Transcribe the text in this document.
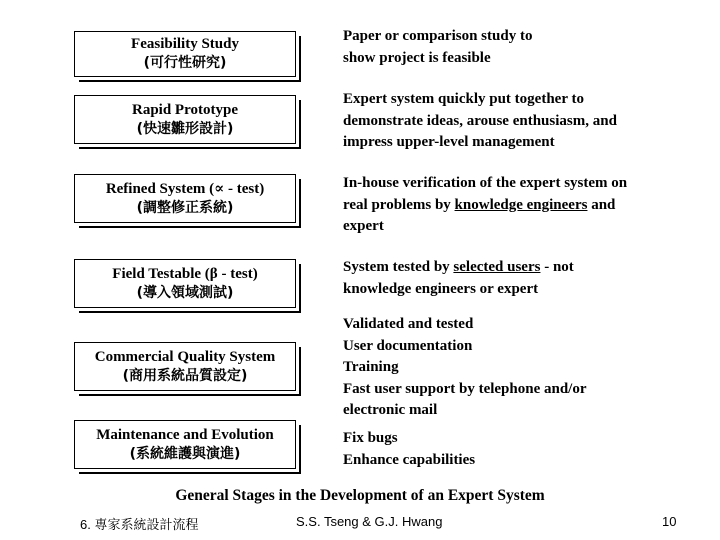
Feasibility Study
(可行性研究)
Rapid Prototype
(快速雛形設計)
Refined System (∝ - test)
(調整修正系統)
Field Testable (β - test)
(導入領域測試)
Commercial Quality System
(商用系統品質設定)
Maintenance and Evolution
(系統維護與演進)
Paper or comparison study to
show project is feasible
Expert system quickly put together to
demonstrate ideas, arouse enthusiasm, and
impress upper-level management
In-house verification of the expert system on
real problems by knowledge engineers and
expert
System tested by selected users - not
knowledge engineers or expert
Validated and tested
User documentation
Training
Fast user support by telephone and/or
electronic mail
Fix bugs
Enhance capabilities
General Stages in the Development of an Expert System
6. 專家系統設計流程	S.S. Tseng & G.J. Hwang	10
